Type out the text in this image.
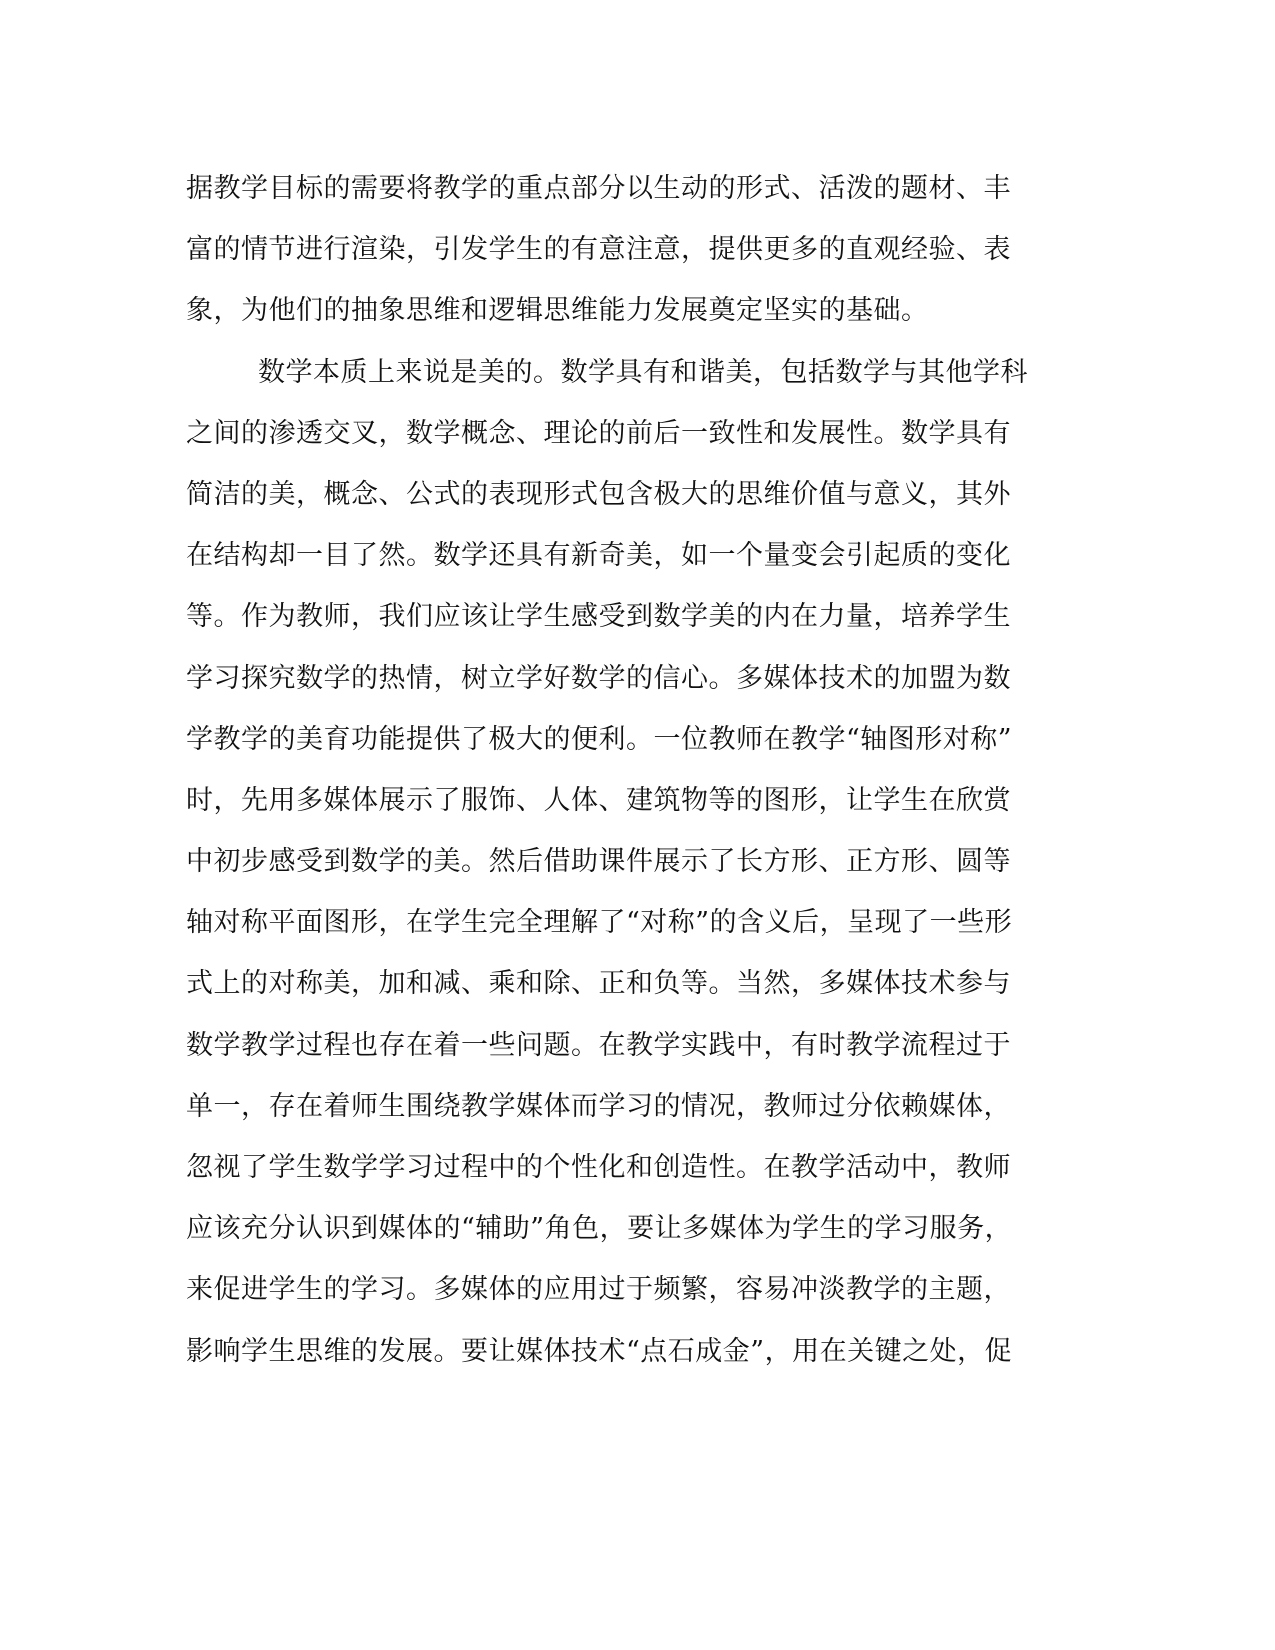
据教学目标的需要将教学的重点部分以生动的形式、活泼的题材、丰
富的情节进行渲染，引发学生的有意注意，提供更多的直观经验、表
象，为他们的抽象思维和逻辑思维能力发展奠定坚实的基础。
数学本质上来说是美的。数学具有和谐美，包括数学与其他学科
之间的渗透交叉，数学概念、理论的前后一致性和发展性。数学具有
简洁的美，概念、公式的表现形式包含极大的思维价值与意义，其外
在结构却一目了然。数学还具有新奇美，如一个量变会引起质的变化
等。作为教师，我们应该让学生感受到数学美的内在力量，培养学生
学习探究数学的热情，树立学好数学的信心。多媒体技术的加盟为数
学教学的美育功能提供了极大的便利。一位教师在教学“轴图形对称”
时，先用多媒体展示了服饰、人体、建筑物等的图形，让学生在欣赏
中初步感受到数学的美。然后借助课件展示了长方形、正方形、圆等
轴对称平面图形，在学生完全理解了“对称”的含义后，呈现了一些形
式上的对称美，加和减、乘和除、正和负等。当然，多媒体技术参与
数学教学过程也存在着一些问题。在教学实践中，有时教学流程过于
单一，存在着师生围绕教学媒体而学习的情况，教师过分依赖媒体，
忽视了学生数学学习过程中的个性化和创造性。在教学活动中，教师
应该充分认识到媒体的“辅助”角色，要让多媒体为学生的学习服务，
来促进学生的学习。多媒体的应用过于频繁，容易冲淡教学的主题，
影响学生思维的发展。要让媒体技术“点石成金”，用在关键之处，促
